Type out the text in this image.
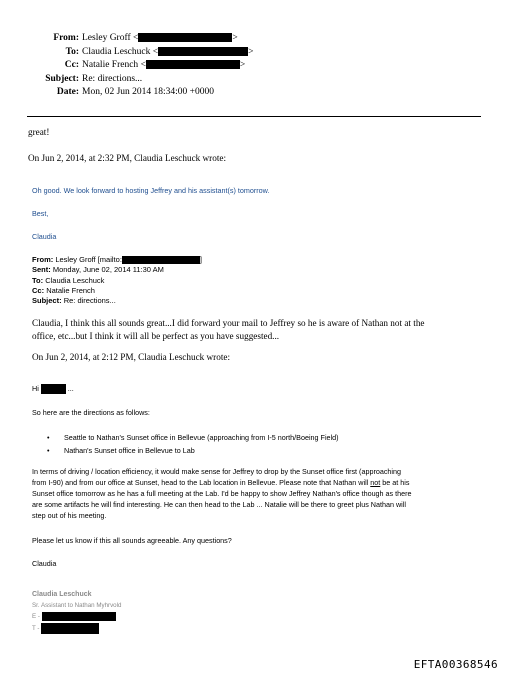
From: Lesley Groff <	>
To: Claudia Leschuck <	>
Cc: Natalie French <	>
Subject: Re: directions...
Date: Mon, 02 Jun 2014 18:34:00 +0000
great!
On Jun 2, 2014, at 2:32 PM, Claudia Leschuck wrote:
Oh good. We look forward to hosting Jeffrey and his assistant(s) tomorrow.
Best,
Claudia
From: Lesley Groff [mailto:	]
Sent: Monday, June 02, 2014 11:30 AM
To: Claudia Leschuck
Cc: Natalie French
Subject: Re: directions...
Claudia, I think this all sounds great...I did forward your mail to Jeffrey so he is aware of Nathan not at the
office, etc...but I think it will all be perfect as you have suggested...
On Jun 2, 2014, at 2:12 PM, Claudia Leschuck wrote:
Hi	...
So here are the directions as follows:
• Seattle to Nathan's Sunset office in Bellevue (approaching from I-5 north/Boeing Field)
• Nathan's Sunset office in Bellevue to Lab
In terms of driving / location efficiency, it would make sense for Jeffrey to drop by the Sunset office first (approaching
from I-90) and from our office at Sunset, head to the Lab location in Bellevue. Please note that Nathan will not be at his
Sunset office tomorrow as he has a full meeting at the Lab. I'd be happy to show Jeffrey Nathan's office though as there
are some artifacts he will find interesting. He can then head to the Lab ... Natalie will be there to greet plus Nathan will
step out of his meeting.
Please let us know if this all sounds agreeable. Any questions?
Claudia
Claudia Leschuck
Sr. Assistant to Nathan Myhrvold
E -
T -
EFTA00368546
